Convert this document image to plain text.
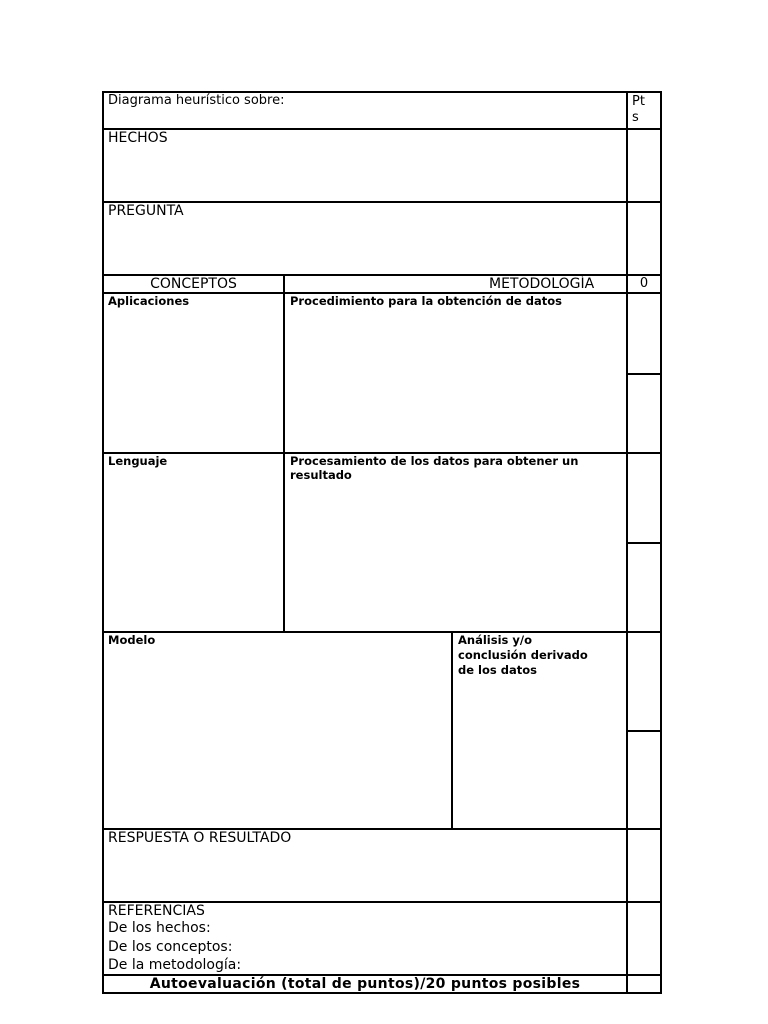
Diagrama heurístico sobre:	Pt
s
HECHOS
PREGUNTA
CONCEPTOS	METODOLOGÍA	0
Aplicaciones	Procedimiento para la obtención de datos
Lenguaje	Procesamiento de los datos para obtener un
resultado
Modelo	Análisis y/o
conclusión derivado
de los datos
RESPUESTA O RESULTADO
REFERENCIAS
De los hechos:
De los conceptos:
De la metodología:
Autoevaluación (total de puntos)/20 puntos posibles
